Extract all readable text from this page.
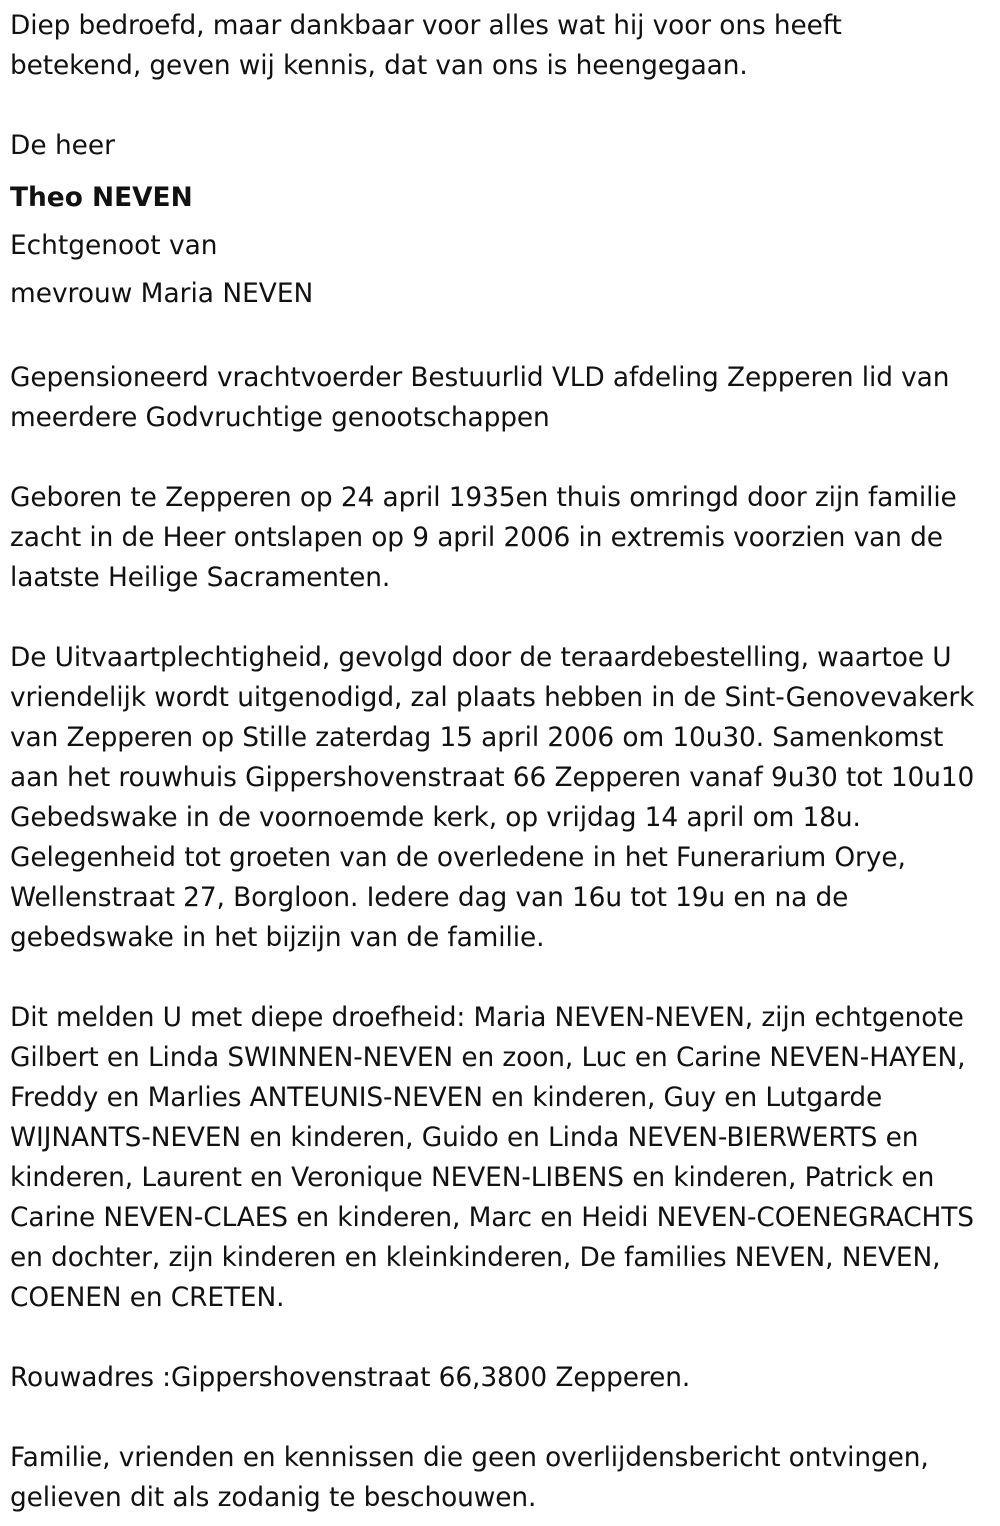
Diep bedroefd, maar dankbaar voor alles wat hij voor ons heeft
betekend, geven wij kennis, dat van ons is heengegaan.

De heer
Theo NEVEN
Echtgenoot van
mevrouw Maria NEVEN

Gepensioneerd vrachtvoerder Bestuurlid VLD afdeling Zepperen lid van
meerdere Godvruchtige genootschappen

Geboren te Zepperen op 24 april 1935en thuis omringd door zijn familie
zacht in de Heer ontslapen op 9 april 2006 in extremis voorzien van de
laatste Heilige Sacramenten.

De Uitvaartplechtigheid, gevolgd door de teraardebestelling, waartoe U
vriendelijk wordt uitgenodigd, zal plaats hebben in de Sint-Genovevakerk
van Zepperen op Stille zaterdag 15 april 2006 om 10u30. Samenkomst
aan het rouwhuis Gippershovenstraat 66 Zepperen vanaf 9u30 tot 10u10
Gebedswake in de voornoemde kerk, op vrijdag 14 april om 18u.
Gelegenheid tot groeten van de overledene in het Funerarium Orye,
Wellenstraat 27, Borgloon. Iedere dag van 16u tot 19u en na de
gebedswake in het bijzijn van de familie.

Dit melden U met diepe droefheid: Maria NEVEN-NEVEN, zijn echtgenote
Gilbert en Linda SWINNEN-NEVEN en zoon, Luc en Carine NEVEN-HAYEN,
Freddy en Marlies ANTEUNIS-NEVEN en kinderen, Guy en Lutgarde
WIJNANTS-NEVEN en kinderen, Guido en Linda NEVEN-BIERWERTS en
kinderen, Laurent en Veronique NEVEN-LIBENS en kinderen, Patrick en
Carine NEVEN-CLAES en kinderen, Marc en Heidi NEVEN-COENEGRACHTS
en dochter, zijn kinderen en kleinkinderen, De families NEVEN, NEVEN,
COENEN en CRETEN.

Rouwadres :Gippershovenstraat 66,3800 Zepperen.

Familie, vrienden en kennissen die geen overlijdensbericht ontvingen,
gelieven dit als zodanig te beschouwen.
